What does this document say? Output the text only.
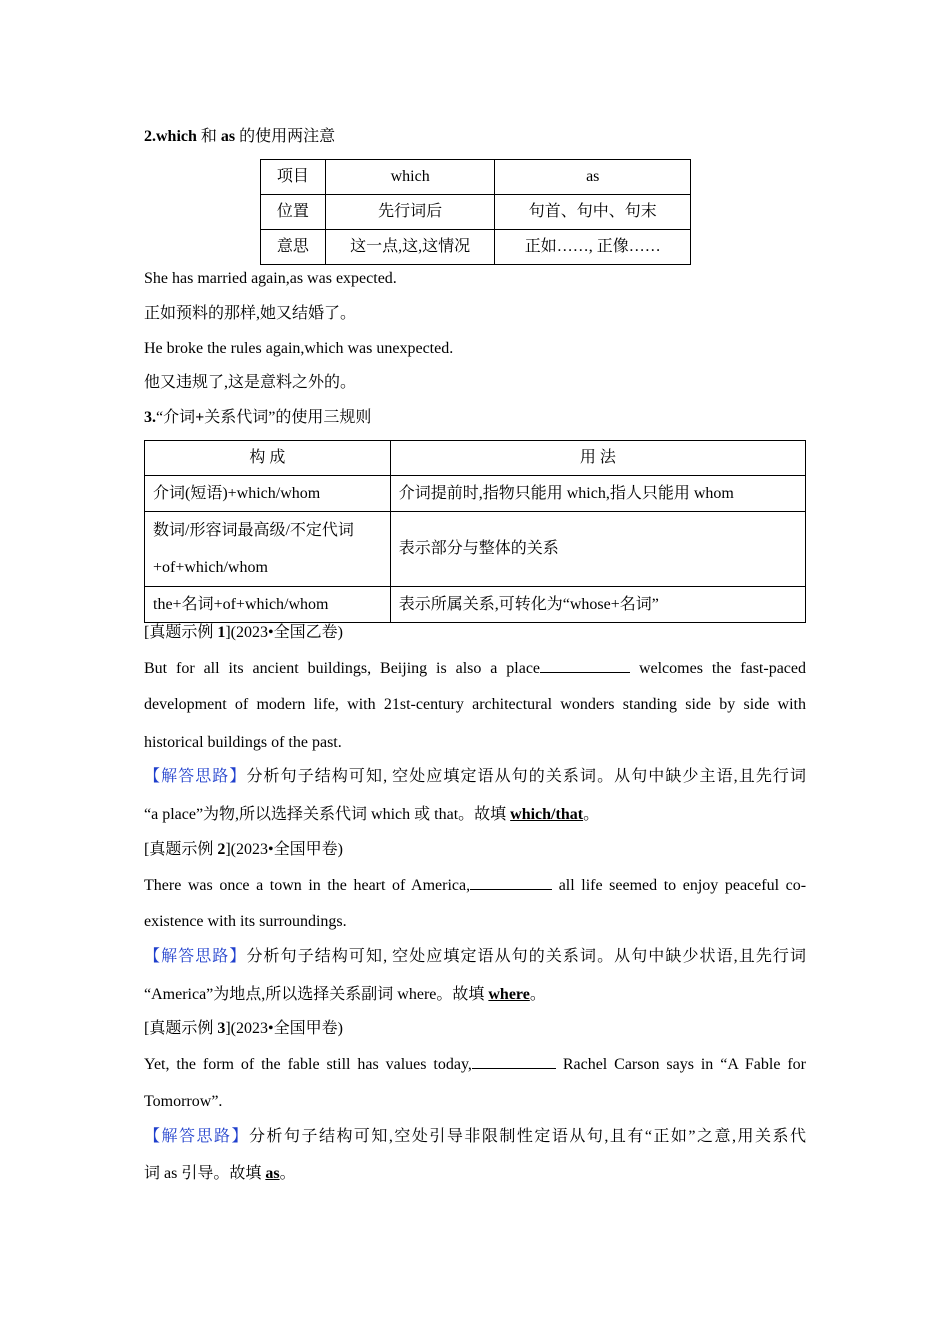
2.which 和 as 的使用两注意
项目	which	as
位置	先行词后	句首、句中、句末
意思	这一点,这,这情况	正如……, 正像……
She has married again,as was expected.
正如预料的那样,她又结婚了。
He broke the rules again,which was unexpected.
他又违规了,这是意料之外的。
3.“介词+关系代词”的使用三规则
构 成	用 法
介词(短语)+which/whom	介词提前时,指物只能用 which,指人只能用 whom

数词/形容词最高级/不定代词
+of+which/whom	表示部分与整体的关系
the+名词+of+which/whom	表示所属关系,可转化为“whose+名词”
[真题示例 1](2023•全国乙卷)
But for all its ancient buildings, Beijing is also a place	welcomes the fast-paced
development of modern life, with 21st-century architectural wonders standing side by side with
historical buildings of the past.
【解答思路】分析句子结构可知, 空处应填定语从句的关系词。从句中缺少主语,且先行词
“a place”为物,所以选择关系代词 which 或 that。故填 which/that。
[真题示例 2](2023•全国甲卷)
There was once a town in the heart of America,	all life seemed to enjoy peaceful co-
existence with its surroundings.
【解答思路】分析句子结构可知, 空处应填定语从句的关系词。从句中缺少状语,且先行词
“America”为地点,所以选择关系副词 where。故填 where。
[真题示例 3](2023•全国甲卷)
Yet, the form of the fable still has values today,	Rachel Carson says in “A Fable for
Tomorrow”.
【解答思路】分析句子结构可知,空处引导非限制性定语从句,且有“正如”之意,用关系代
词 as 引导。故填 as。
